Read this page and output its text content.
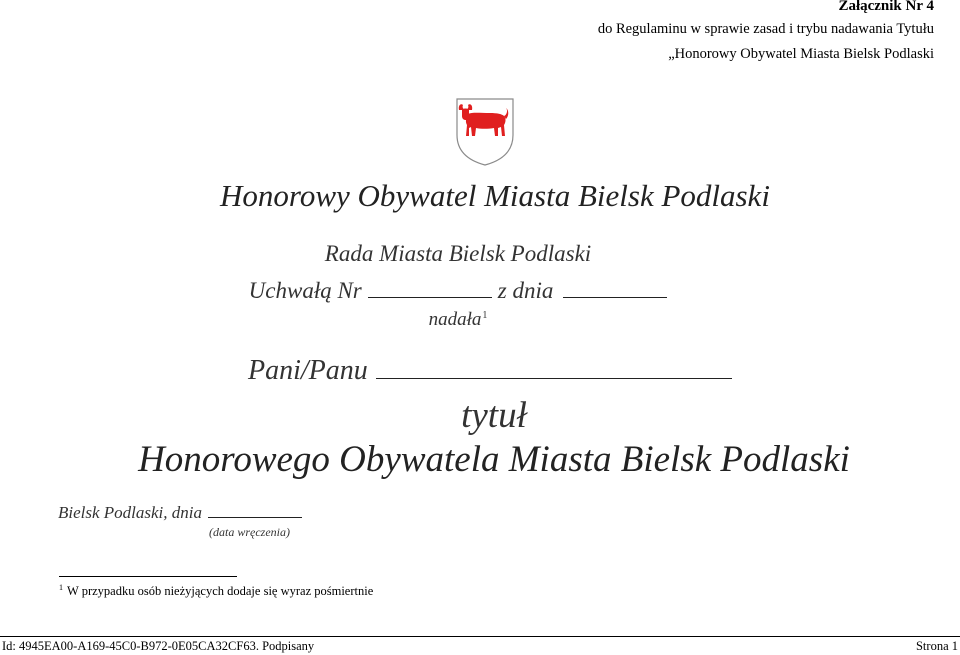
Załącznik Nr 4
do Regulaminu w sprawie zasad i trybu nadawania Tytułu
„Honorowy Obywatel Miasta Bielsk Podlaski
Honorowy Obywatel Miasta Bielsk Podlaski
Rada Miasta Bielsk Podlaski
Uchwałą Nr	z dnia
nadała$^1$
Pani/Panu
tytuł
Honorowego Obywatela Miasta Bielsk Podlaski
Bielsk Podlaski, dnia
(data wręczenia)
$^1$ W przypadku osób nieżyjących dodaje się wyraz pośmiertnie
Id: 4945EA00-A169-45C0-B972-0E05CA32CF63. Podpisany	Strona 1
